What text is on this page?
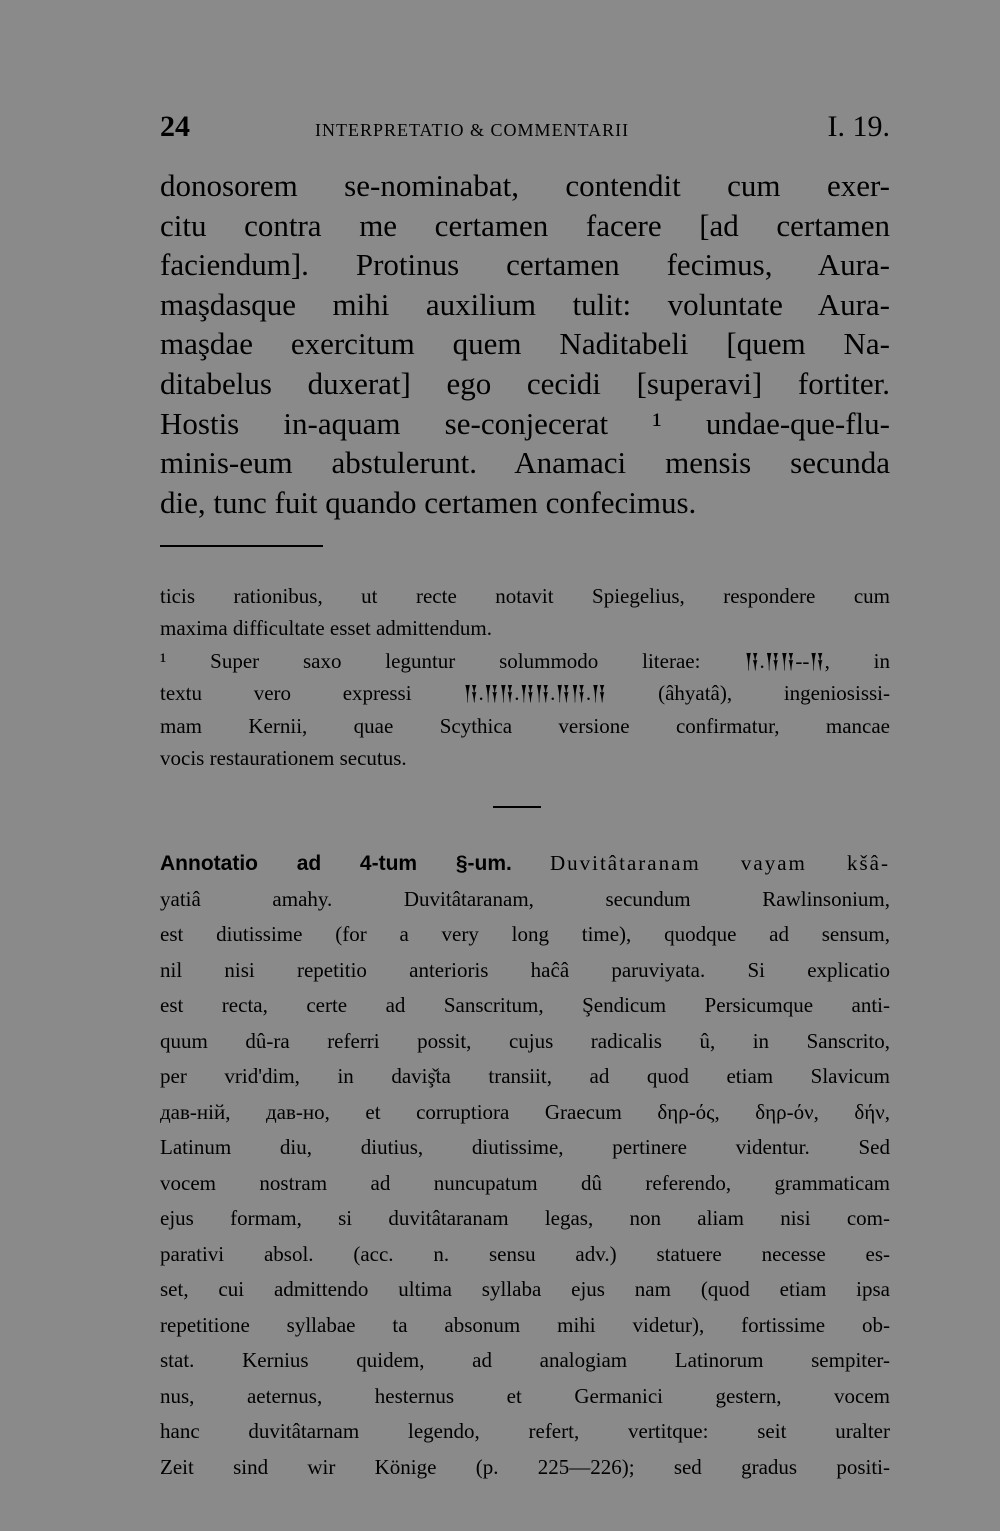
24	INTERPRETATIO & COMMENTARII	I. 19.
donosorem se-nominabat, contendit cum exer-
citu contra me certamen facere [ad certamen
faciendum]. Protinus certamen fecimus, Aura-
maşdasque mihi auxilium tulit: voluntate Aura-
maşdae exercitum quem Naditabeli [quem Na-
ditabelus duxerat] ego cecidi [superavi] fortiter.
Hostis in-aquam se-conjecerat ¹ undae-que-flu-
minis-eum abstulerunt. Anamaci mensis secunda
die, tunc fuit quando certamen confecimus.
ticis rationibus, ut recte notavit Spiegelius, respondere cum
maxima difficultate esset admittendum.
¹ Super saxo leguntur solummodo literae: 𒀀.𒀀𒀀--𒀀, in
textu vero expressi 𒀀.𒀀𒀀.𒀀𒀀.𒀀𒀀.𒀀 (âhyatâ), ingeniosissi-
mam Kernii, quae Scythica versione confirmatur, mancae
vocis restaurationem secutus.
Annotatio ad 4-tum §-um. Duvitâtaranam vayam kšâ-
yatiâ amahy. Duvitâtaranam, secundum Rawlinsonium,
est diutissime (for a very long time), quodque ad sensum,
nil nisi repetitio anterioris haĉâ paruviyata. Si explicatio
est recta, certe ad Sanscritum, Şendicum Persicumque anti-
quum dû-ra referri possit, cujus radicalis û, in Sanscrito,
per vrid'dim, in daviş̌ta transiit, ad quod etiam Slavicum
дав-ній, дав-но, et corruptiora Graecum δηρ-ός, δηρ-όν, δήν,
Latinum diu, diutius, diutissime, pertinere videntur. Sed
vocem nostram ad nuncupatum dû referendo, grammaticam
ejus formam, si duvitâtaranam legas, non aliam nisi com-
parativi absol. (acc. n. sensu adv.) statuere necesse es-
set, cui admittendo ultima syllaba ejus nam (quod etiam ipsa
repetitione syllabae ta absonum mihi videtur), fortissime ob-
stat. Kernius quidem, ad analogiam Latinorum sempiter-
nus, aeternus, hesternus et Germanici gestern, vocem
hanc duvitâtarnam legendo, refert, vertitque: seit uralter
Zeit sind wir Könige (p. 225—226); sed gradus positi-
